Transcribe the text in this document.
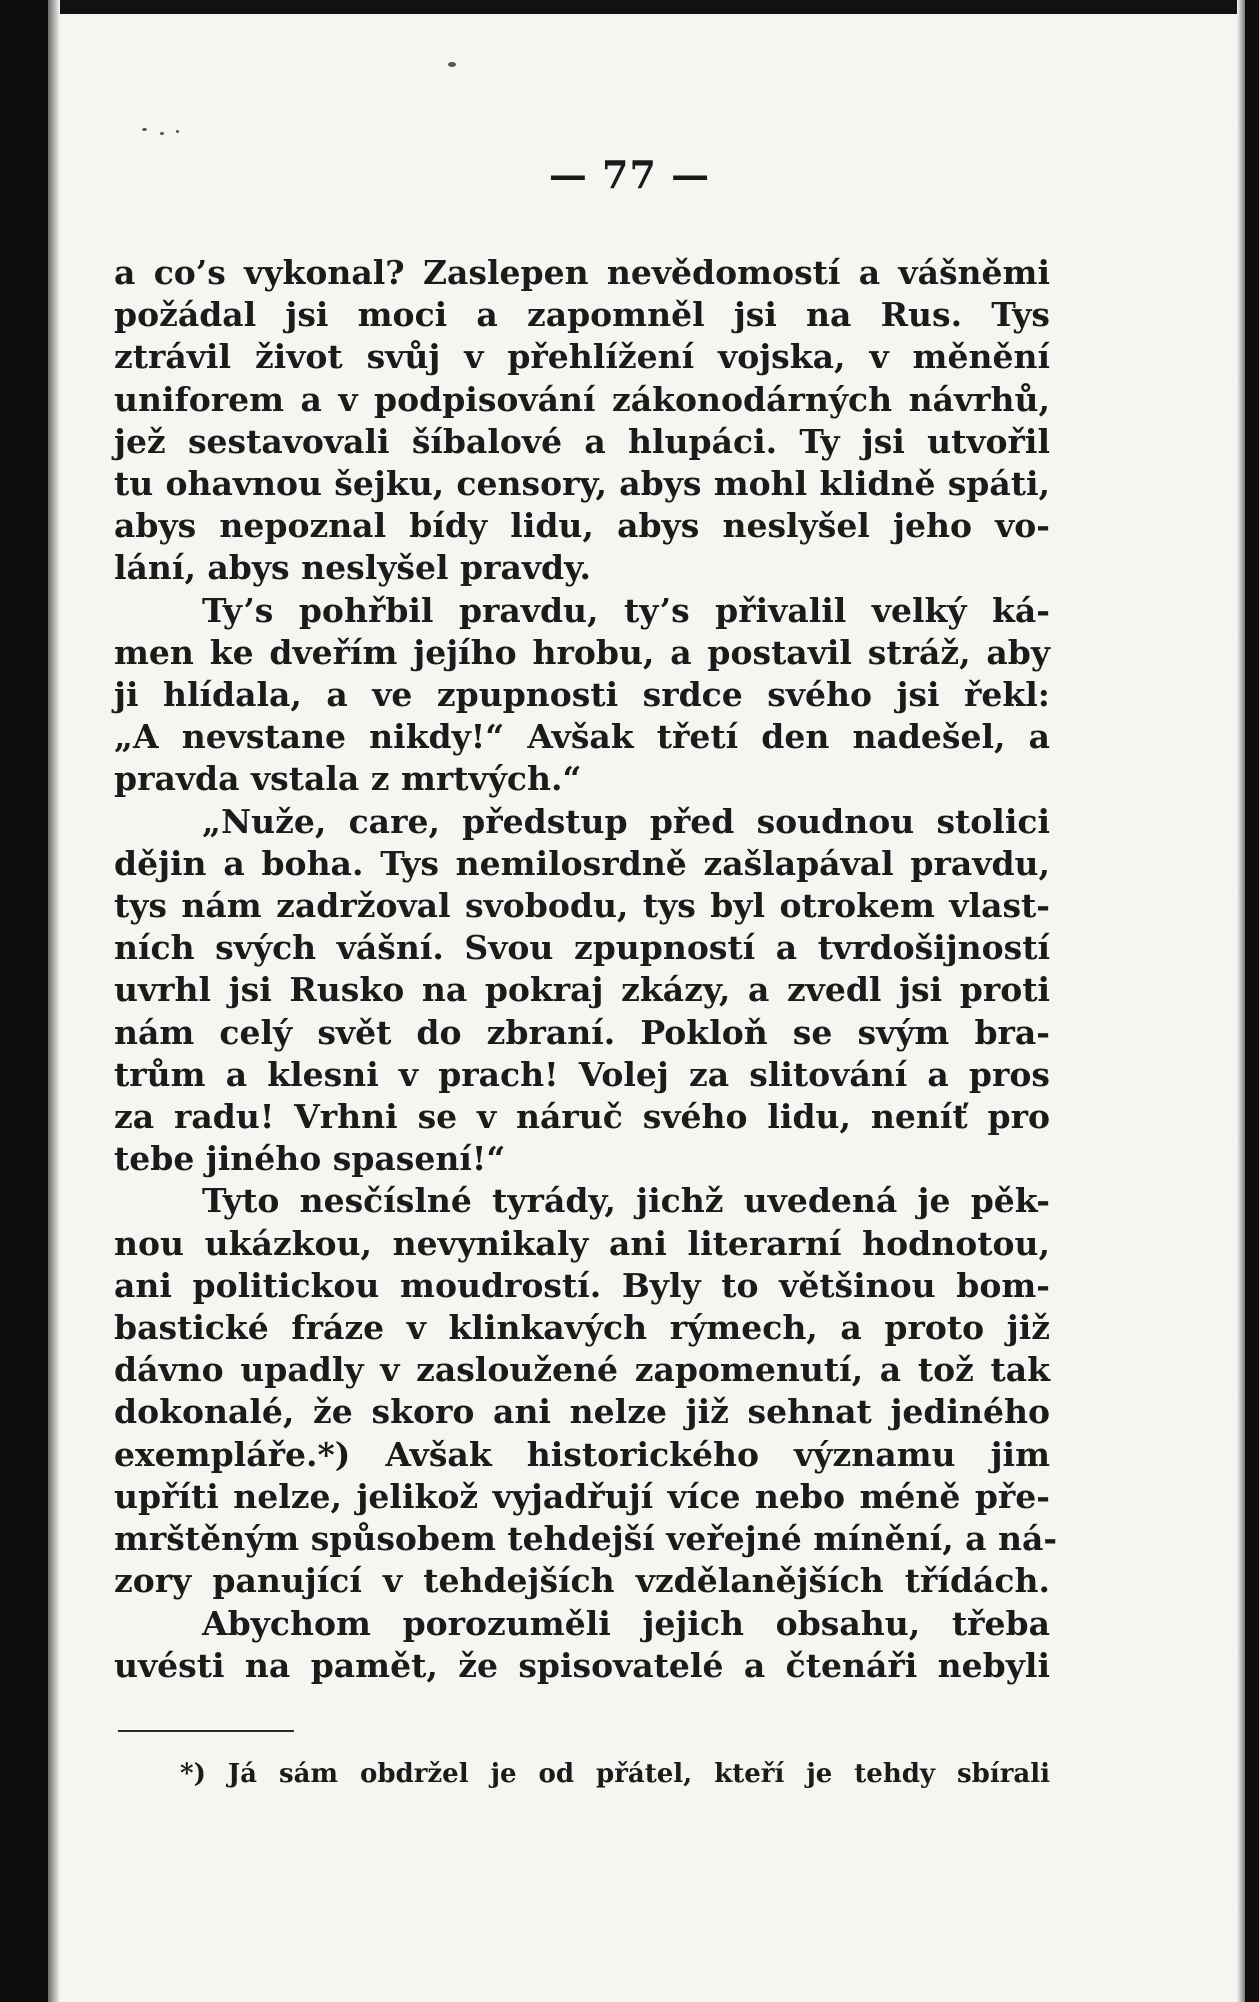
— 77 —
a co’s vykonal? Zaslepen nevědomostí a vášněmi
požádal jsi moci a zapomněl jsi na Rus. Tys
ztrávil život svůj v přehlížení vojska, v měnění
uniforem a v podpisování zákonodárných návrhů,
jež sestavovali šíbalové a hlupáci. Ty jsi utvořil
tu ohavnou šejku, censory, abys mohl klidně spáti,
abys nepoznal bídy lidu, abys neslyšel jeho vo-
lání, abys neslyšel pravdy.
Ty’s pohřbil pravdu, ty’s přivalil velký ká-
men ke dveřím jejího hrobu, a postavil stráž, aby
ji hlídala, a ve zpupnosti srdce svého jsi řekl:
„A nevstane nikdy!“ Avšak třetí den nadešel, a
pravda vstala z mrtvých.“
„Nuže, care, předstup před soudnou stolici
dějin a boha. Tys nemilosrdně zašlapával pravdu,
tys nám zadržoval svobodu, tys byl otrokem vlast-
ních svých vášní. Svou zpupností a tvrdošijností
uvrhl jsi Rusko na pokraj zkázy, a zvedl jsi proti
nám celý svět do zbraní. Pokloň se svým bra-
trům a klesni v prach! Volej za slitování a pros
za radu! Vrhni se v náruč svého lidu, neníť pro
tebe jiného spasení!“
Tyto nesčíslné tyrády, jichž uvedená je pěk-
nou ukázkou, nevynikaly ani literarní hodnotou,
ani politickou moudrostí. Byly to většinou bom-
bastické fráze v klinkavých rýmech, a proto již
dávno upadly v zasloužené zapomenutí, a tož tak
dokonalé, že skoro ani nelze již sehnat jediného
exempláře.*) Avšak historického významu jim
upříti nelze, jelikož vyjadřují více nebo méně pře-
mrštěným spůsobem tehdejší veřejné mínění, a ná-
zory panující v tehdejších vzdělanějších třídách.
Abychom porozuměli jejich obsahu, třeba
uvésti na pamět, že spisovatelé a čtenáři nebyli
*) Já sám obdržel je od přátel, kteří je tehdy sbírali
